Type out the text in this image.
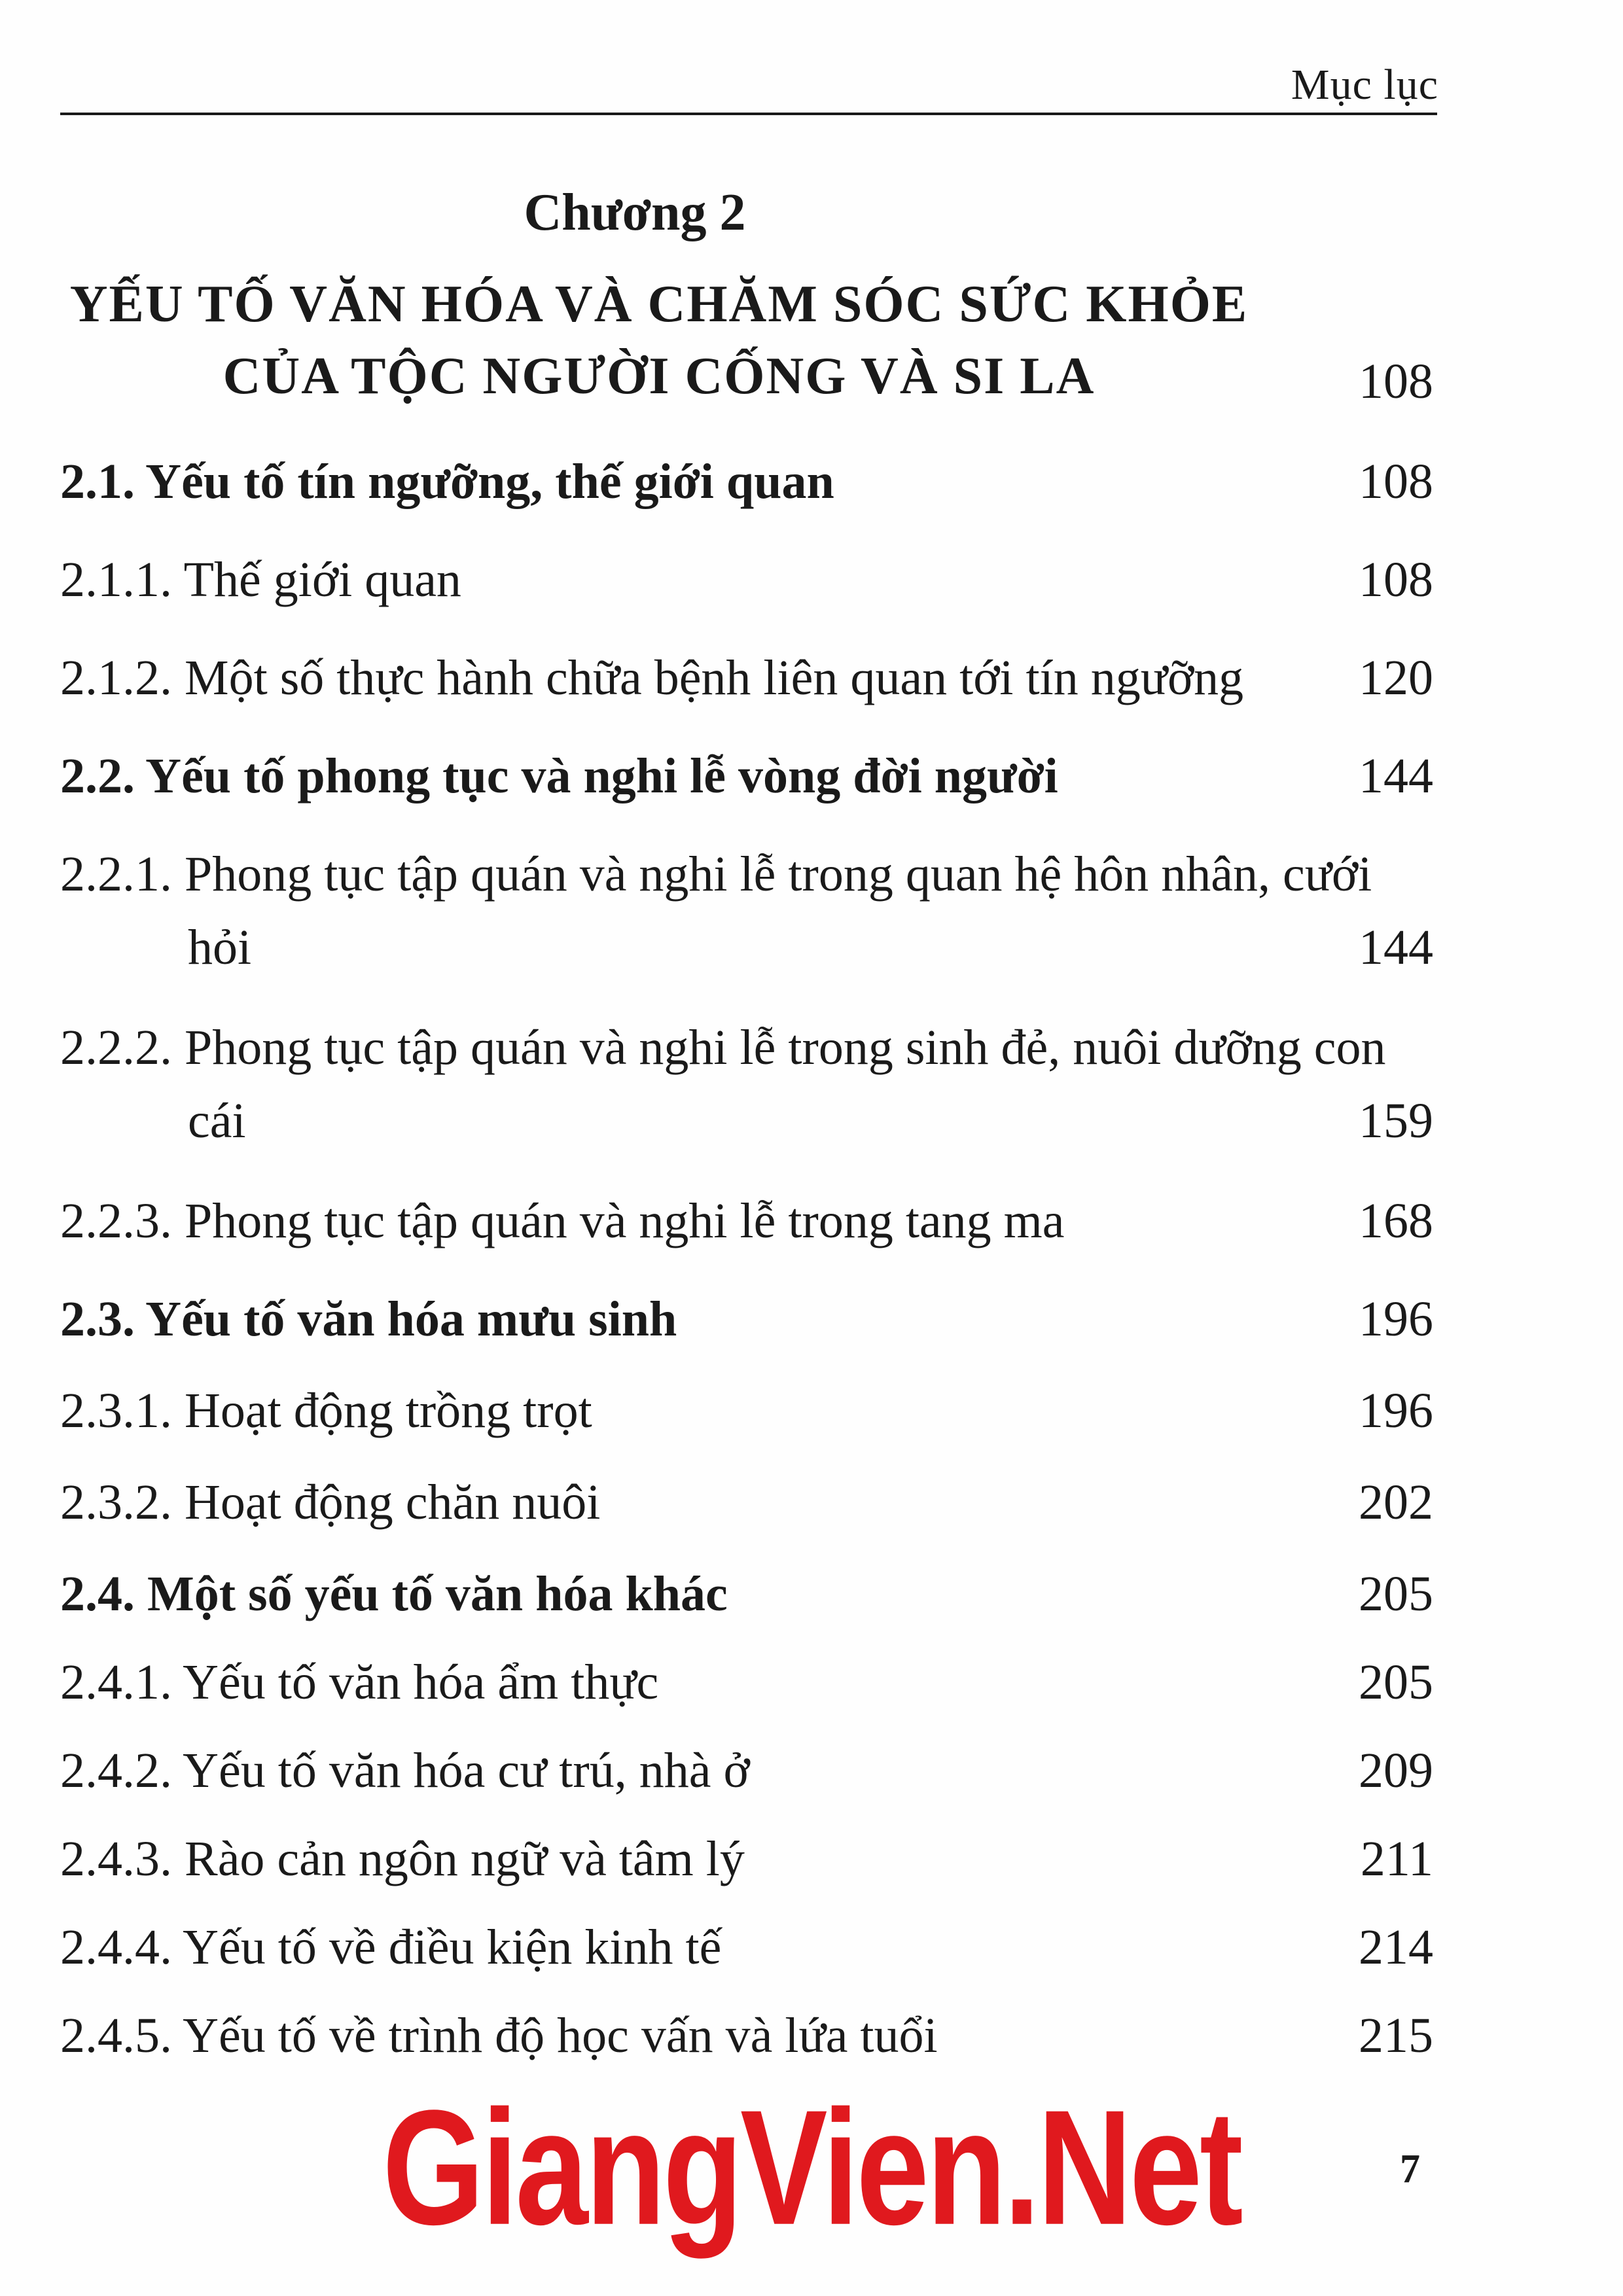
Mục lục
Chương 2
YẾU TỐ VĂN HÓA VÀ CHĂM SÓC SỨC KHỎE
CỦA TỘC NGƯỜI CỐNG VÀ SI LA	108
2.1. Yếu tố tín ngưỡng, thế giới quan	108
2.1.1. Thế giới quan	108
2.1.2. Một số thực hành chữa bệnh liên quan tới tín ngưỡng	120
2.2. Yếu tố phong tục và nghi lễ vòng đời người	144
2.2.1. Phong tục tập quán và nghi lễ trong quan hệ hôn nhân, cưới hỏi	144
2.2.2. Phong tục tập quán và nghi lễ trong sinh đẻ, nuôi dưỡng con cái	159
2.2.3. Phong tục tập quán và nghi lễ trong tang ma	168
2.3. Yếu tố văn hóa mưu sinh	196
2.3.1. Hoạt động trồng trọt	196
2.3.2. Hoạt động chăn nuôi	202
2.4. Một số yếu tố văn hóa khác	205
2.4.1. Yếu tố văn hóa ẩm thực	205
2.4.2. Yếu tố văn hóa cư trú, nhà ở	209
2.4.3. Rào cản ngôn ngữ và tâm lý	211
2.4.4. Yếu tố về điều kiện kinh tế	214
2.4.5. Yếu tố về trình độ học vấn và lứa tuổi	215
GiangVien.Net	7
